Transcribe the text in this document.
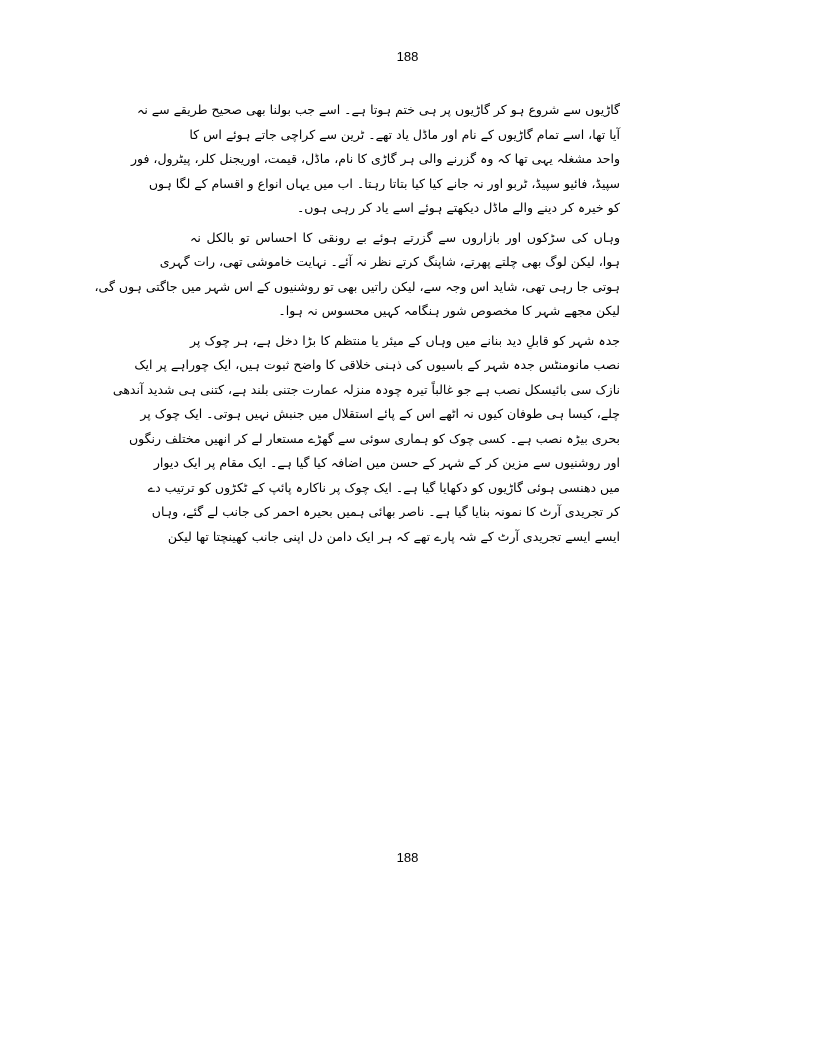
188
گاڑیوں سے شروع ہو کر گاڑیوں پر ہی ختم ہوتا ہے۔ اسے جب بولنا بھی صحیح طریقے سے نہ
آیا تھا، اسے تمام گاڑیوں کے نام اور ماڈل یاد تھے۔ ٹرین سے کراچی جاتے ہوئے اس کا
واحد مشغلہ یہی تھا کہ وہ گزرنے والی ہر گاڑی کا نام، ماڈل، قیمت، اوریجنل کلر، پیٹرول، فور
سپیڈ، فائیو سپیڈ، ٹربو اور نہ جانے کیا کیا بتاتا رہتا۔ اب میں یہاں انواع و اقسام کے لگا ہوں
کو خیرہ کر دینے والے ماڈل دیکھتے ہوئے اسے یاد کر رہی ہوں۔
وہاں کی سڑکوں اور بازاروں سے گزرتے ہوئے بے رونقی کا احساس تو بالکل نہ
ہوا، لیکن لوگ بھی چلتے پھرتے، شاپنگ کرتے نظر نہ آئے۔ نہایت خاموشی تھی، رات گہری
ہوتی جا رہی تھی، شاید اس وجہ سے، لیکن راتیں بھی تو روشنیوں کے اس شہر میں جاگتی ہوں گی،
لیکن مجھے شہر کا مخصوص شور ہنگامہ کہیں محسوس نہ ہوا۔
جدہ شہر کو قابلِ دید بنانے میں وہاں کے میئر یا منتظم کا بڑا دخل ہے، ہر چوک پر
نصب مانومنٹس جدہ شہر کے باسیوں کی ذہنی خلاقی کا واضح ثبوت ہیں، ایک چوراہے پر ایک
نازک سی بائیسکل نصب ہے جو غالباً تیرہ چودہ منزلہ عمارت جتنی بلند ہے، کتنی ہی شدید آندھی
چلے، کیسا ہی طوفان کیوں نہ اٹھے اس کے پائے استقلال میں جنبش نہیں ہوتی۔ ایک چوک پر
بحری بیڑہ نصب ہے۔ کسی چوک کو ہماری سوئی سے گھڑے مستعار لے کر انھیں مختلف رنگوں
اور روشنیوں سے مزین کر کے شہر کے حسن میں اضافہ کیا گیا ہے۔ ایک مقام پر ایک دیوار
میں دھنسی ہوئی گاڑیوں کو دکھایا گیا ہے۔ ایک چوک پر ناکارہ پائپ کے ٹکڑوں کو ترتیب دے
کر تجریدی آرٹ کا نمونہ بنایا گیا ہے۔ ناصر بھائی ہمیں بحیرہ احمر کی جانب لے گئے، وہاں
ایسے ایسے تجریدی آرٹ کے شہ پارے تھے کہ ہر ایک دامن دل اپنی جانب کھینچتا تھا لیکن
188
